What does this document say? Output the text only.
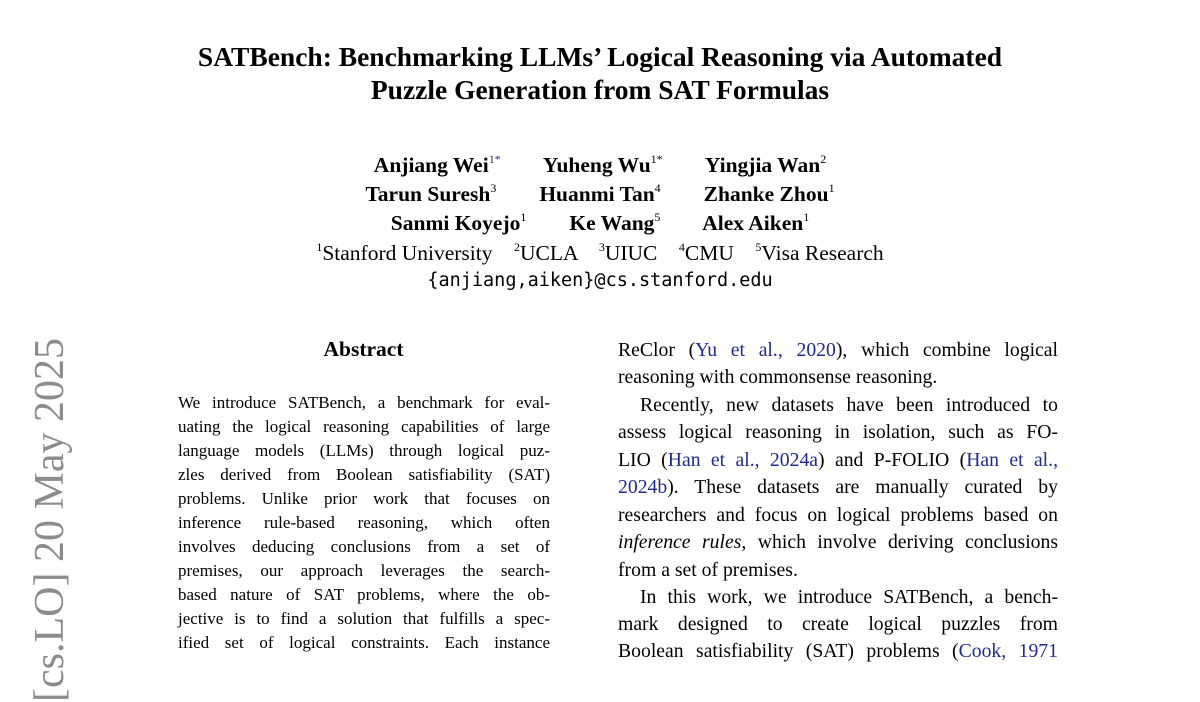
SATBench: Benchmarking LLMs’ Logical Reasoning via Automated
Puzzle Generation from SAT Formulas
Anjiang Wei$^{1*}$ Yuheng $Wu^{1*}$ Yingjia Wan$^2$
Tarun Suresh$^3$ Huanmi Tan$^4$ Zhanke Zhou$^1$
Sanmi Koyejo$^1$ Ke Wang$^5$ Alex Aiken$^1$
$^1$Stanford University $^2$UCLA $^3$UIUC $^4$CMU $^5$Visa Research
{anjiang,aiken}@cs.stanford.edu
[cs.LO] 20 May 2025	Abstract
We introduce SATBench, a benchmark for eval-
uating the logical reasoning capabilities of large
language models (LLMs) through logical puz-
zles derived from Boolean satisfiability (SAT)
problems. Unlike prior work that focuses on
inference rule-based reasoning, which often
involves deducing conclusions from a set of
premises, our approach leverages the search-
based nature of SAT problems, where the ob-
jective is to find a solution that fulfills a spec-
ified set of logical constraints. Each instance
ReClor (Yu et al., 2020), which combine logical
reasoning with commonsense reasoning.
Recently, new datasets have been introduced to
assess logical reasoning in isolation, such as FO-
LIO (Han et al., 2024a) and P-FOLIO (Han et al.,
2024b). These datasets are manually curated by
researchers and focus on logical problems based on
inference rules, which involve deriving conclusions
from a set of premises.
In this work, we introduce SATBench, a bench-
mark designed to create logical puzzles from
Boolean satisfiability (SAT) problems (Cook, 1971
